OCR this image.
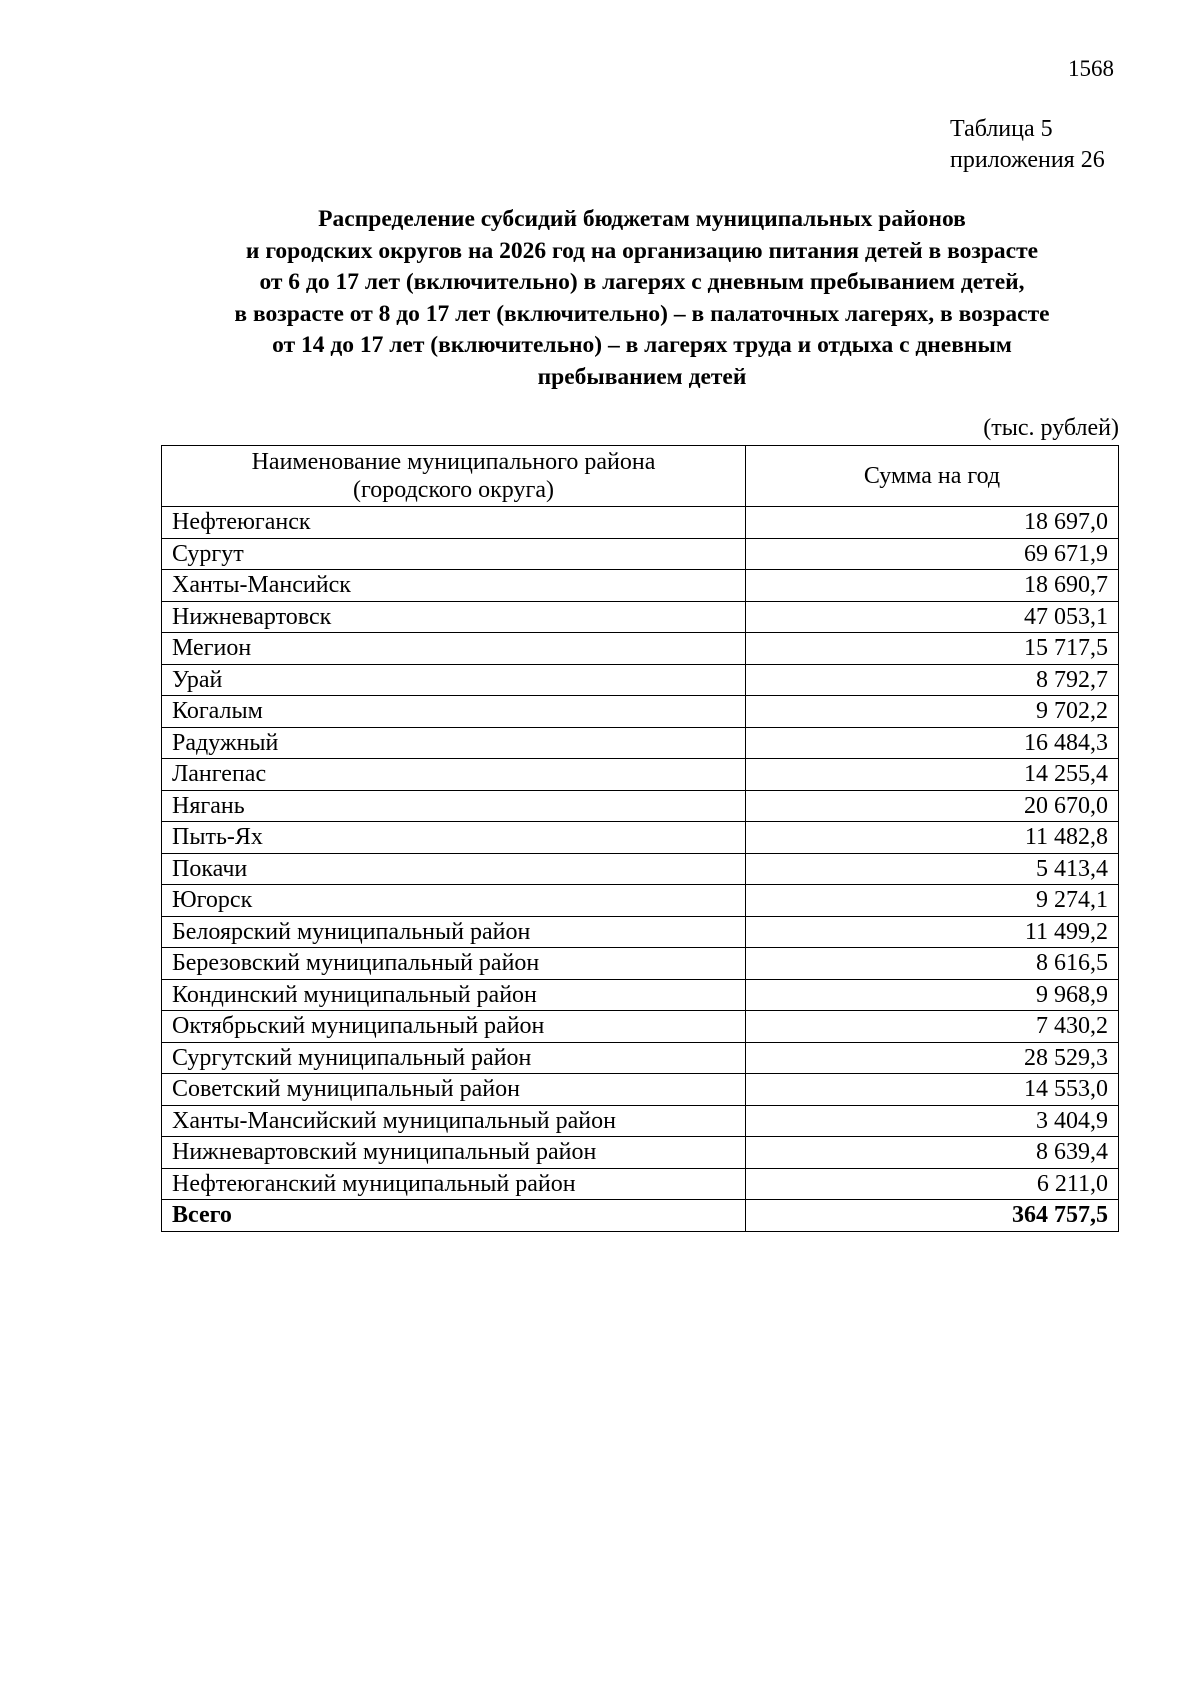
1568
Таблица 5
приложения 26
Распределение субсидий бюджетам муниципальных районов
и городских округов на 2026 год на организацию питания детей в возрасте
от 6 до 17 лет (включительно) в лагерях с дневным пребыванием детей,
в возрасте от 8 до 17 лет (включительно) – в палаточных лагерях, в возрасте
от 14 до 17 лет (включительно) – в лагерях труда и отдыха с дневным
пребыванием детей
(тыс. рублей)
Наименование муниципального района
(городского округа)	Сумма на год
Нефтеюганск	18 697,0
Сургут	69 671,9
Ханты-Мансийск	18 690,7
Нижневартовск	47 053,1
Мегион	15 717,5
Урай	8 792,7
Когалым	9 702,2
Радужный	16 484,3
Лангепас	14 255,4
Нягань	20 670,0
Пыть-Ях	11 482,8
Покачи	5 413,4
Югорск	9 274,1
Белоярский муниципальный район	11 499,2
Березовский муниципальный район	8 616,5
Кондинский муниципальный район	9 968,9
Октябрьский муниципальный район	7 430,2
Сургутский муниципальный район	28 529,3
Советский муниципальный район	14 553,0
Ханты-Мансийский муниципальный район	3 404,9
Нижневартовский муниципальный район	8 639,4
Нефтеюганский муниципальный район	6 211,0
Всего	364 757,5
